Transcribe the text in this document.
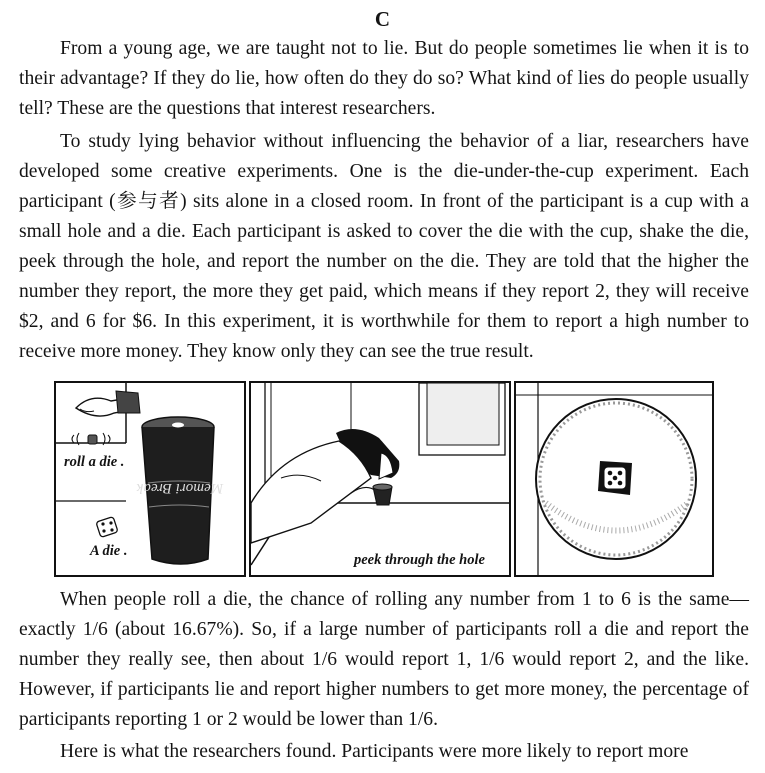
C

From a young age, we are taught not to lie. But do people sometimes lie when it is to their advantage? If they do lie, how often do they do so? What kind of lies do people usually tell? These are the questions that interest researchers.

To study lying behavior without influencing the behavior of a liar, researchers have developed some creative experiments. One is the die-under-the-cup experiment. Each participant (参与者) sits alone in a closed room. In front of the participant is a cup with a small hole and a die. Each participant is asked to cover the die with the cup, shake the die, peek through the hole, and report the number on the die. They are told that the higher the number they report, the more they get paid, which means if they report 2, they will receive $2, and 6 for $6. In this experiment, it is worthwhile for them to report a high number to receive more money. They know only they can see the true result.

Memori Break
roll a die .
A die .
peek through the hole

When people roll a die, the chance of rolling any number from 1 to 6 is the same—exactly 1/6 (about 16.67%). So, if a large number of participants roll a die and report the number they really see, then about 1/6 would report 1, 1/6 would report 2, and the like. However, if participants lie and report higher numbers to get more money, the percentage of participants reporting 1 or 2 would be lower than 1/6.

Here is what the researchers found. Participants were more likely to report more
